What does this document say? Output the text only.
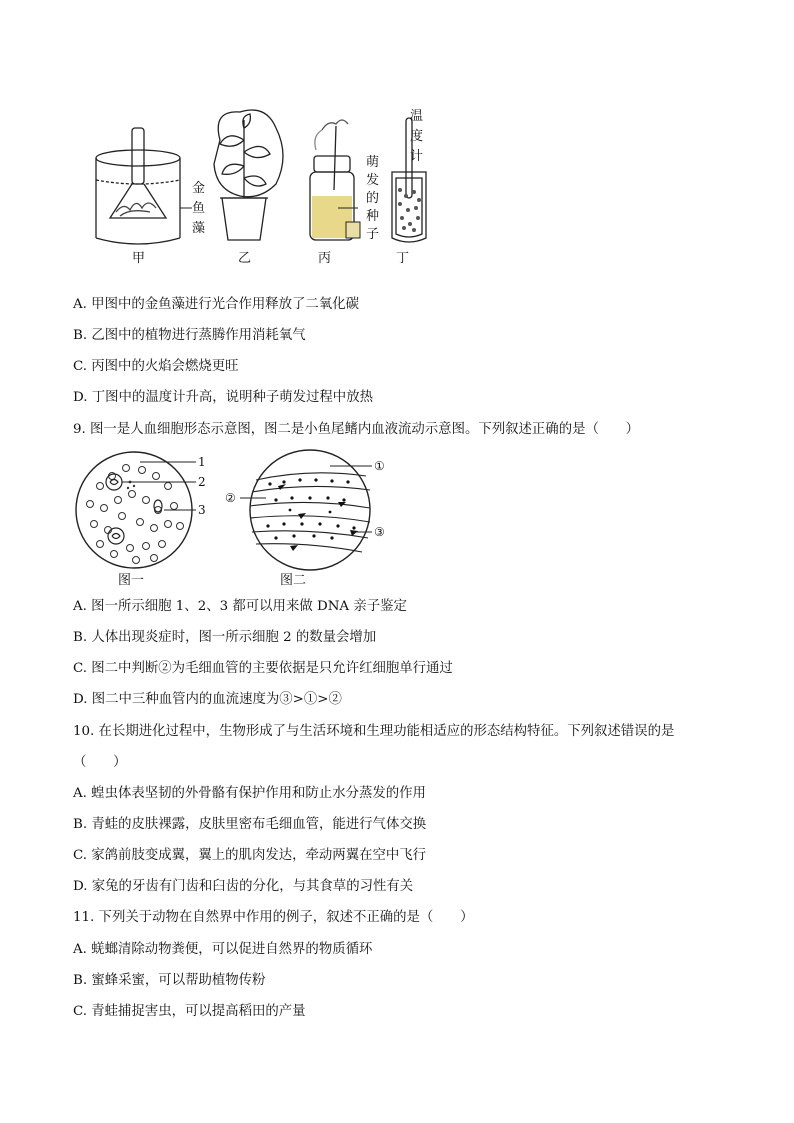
金
鱼
藻
甲	乙
萌
发
的
种
子
丙
温
度
计
丁
A. 甲图中的金鱼藻进行光合作用释放了二氧化碳
B. 乙图中的植物进行蒸腾作用消耗氧气
C. 丙图中的火焰会燃烧更旺
D. 丁图中的温度计升高，说明种子萌发过程中放热
9. 图一是人血细胞形态示意图，图二是小鱼尾鳍内血液流动示意图。下列叙述正确的是（　　）
1
2
3
图一
①
②
③
图二
A. 图一所示细胞 1、2、3 都可以用来做 DNA 亲子鉴定
B. 人体出现炎症时，图一所示细胞 2 的数量会增加
C. 图二中判断②为毛细血管的主要依据是只允许红细胞单行通过
D. 图二中三种血管内的血流速度为③>①>②
10. 在长期进化过程中，生物形成了与生活环境和生理功能相适应的形态结构特征。下列叙述错误的是
（　　）
A. 蝗虫体表坚韧的外骨骼有保护作用和防止水分蒸发的作用
B. 青蛙的皮肤裸露，皮肤里密布毛细血管，能进行气体交换
C. 家鸽前肢变成翼，翼上的肌肉发达，牵动两翼在空中飞行
D. 家兔的牙齿有门齿和臼齿的分化，与其食草的习性有关
11. 下列关于动物在自然界中作用的例子，叙述不正确的是（　　）
A. 蜣螂清除动物粪便，可以促进自然界的物质循环
B. 蜜蜂采蜜，可以帮助植物传粉
C. 青蛙捕捉害虫，可以提高稻田的产量
